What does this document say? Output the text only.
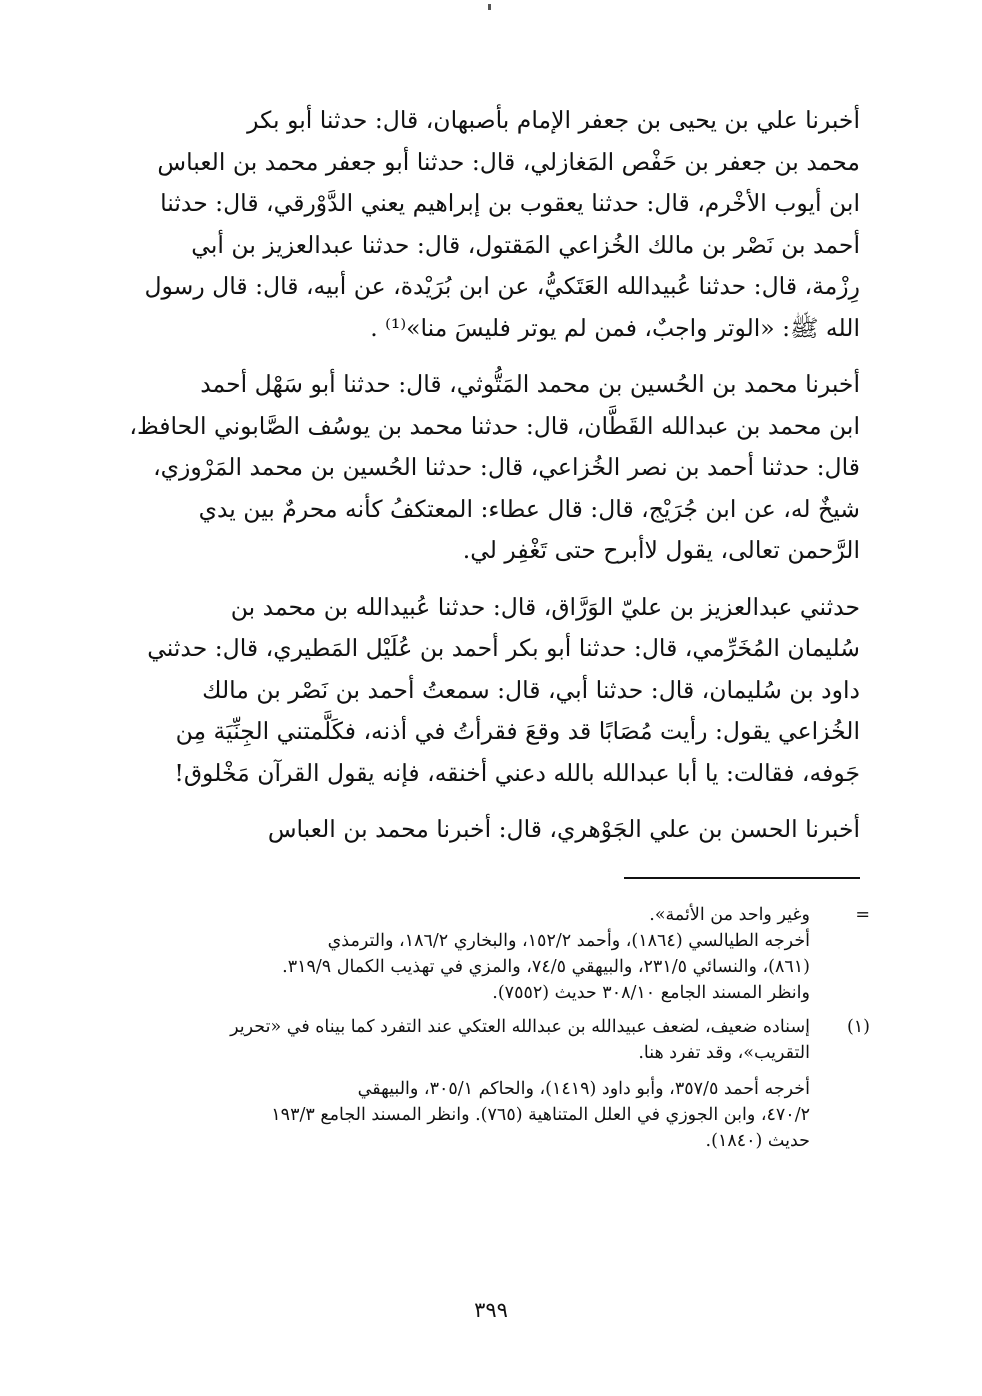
أخبرنا علي بن يحيى بن جعفر الإمام بأصبهان، قال: حدثنا أبو بكر
محمد بن جعفر بن حَفْص المَغازلي، قال: حدثنا أبو جعفر محمد بن العباس
ابن أيوب الأخْرم، قال: حدثنا يعقوب بن إبراهيم يعني الدَّوْرقي، قال: حدثنا
أحمد بن نَصْر بن مالك الخُزاعي المَقتول، قال: حدثنا عبدالعزيز بن أبي
رِزْمة، قال: حدثنا عُبيدالله العَتَكيُّ، عن ابن بُرَيْدة، عن أبيه، قال: قال رسول
الله ﷺ: «الوتر واجبٌ، فمن لم يوتر فليسَ منا»⁽¹⁾ .

أخبرنا محمد بن الحُسين بن محمد المَتُّوثي، قال: حدثنا أبو سَهْل أحمد
ابن محمد بن عبدالله القَطَّان، قال: حدثنا محمد بن يوسُف الصَّابوني الحافظ،
قال: حدثنا أحمد بن نصر الخُزاعي، قال: حدثنا الحُسين بن محمد المَرْوزي،
شيخٌ له، عن ابن جُرَيْج، قال: قال عطاء: المعتكفُ كأنه محرمٌ بين يدي
الرَّحمن تعالى، يقول لاأبرح حتى تَغْفِر لي.

حدثني عبدالعزيز بن عليّ الوَرَّاق، قال: حدثنا عُبيدالله بن محمد بن
سُليمان المُخَرِّمي، قال: حدثنا أبو بكر أحمد بن عُلَيْل المَطيري، قال: حدثني
داود بن سُليمان، قال: حدثنا أبي، قال: سمعتُ أحمد بن نَصْر بن مالك
الخُزاعي يقول: رأيت مُصَابًا قد وقعَ فقرأتُ في أذنه، فكَلَّمتني الجِنِّيَة مِن
جَوفه، فقالت: يا أبا عبدالله بالله دعني أخنقه، فإنه يقول القرآن مَخْلوق!

أخبرنا الحسن بن علي الجَوْهري، قال: أخبرنا محمد بن العباس

=
وغير واحد من الأئمة».
أخرجه الطيالسي (١٨٦٤)، وأحمد ١٥٢/٢، والبخاري ١٨٦/٢، والترمذي
(٨٦١)، والنسائي ٢٣١/٥، والبيهقي ٧٤/٥، والمزي في تهذيب الكمال ٣١٩/٩.
وانظر المسند الجامع ٣٠٨/١٠ حديث (٧٥٥٢).
(١)
إسناده ضعيف، لضعف عبيدالله بن عبدالله العتكي عند التفرد كما بيناه في «تحرير
التقريب»، وقد تفرد هنا.
أخرجه أحمد ٣٥٧/٥، وأبو داود (١٤١٩)، والحاكم ٣٠٥/١، والبيهقي
٤٧٠/٢، وابن الجوزي في العلل المتناهية (٧٦٥). وانظر المسند الجامع ١٩٣/٣
حديث (١٨٤٠).
٣٩٩
